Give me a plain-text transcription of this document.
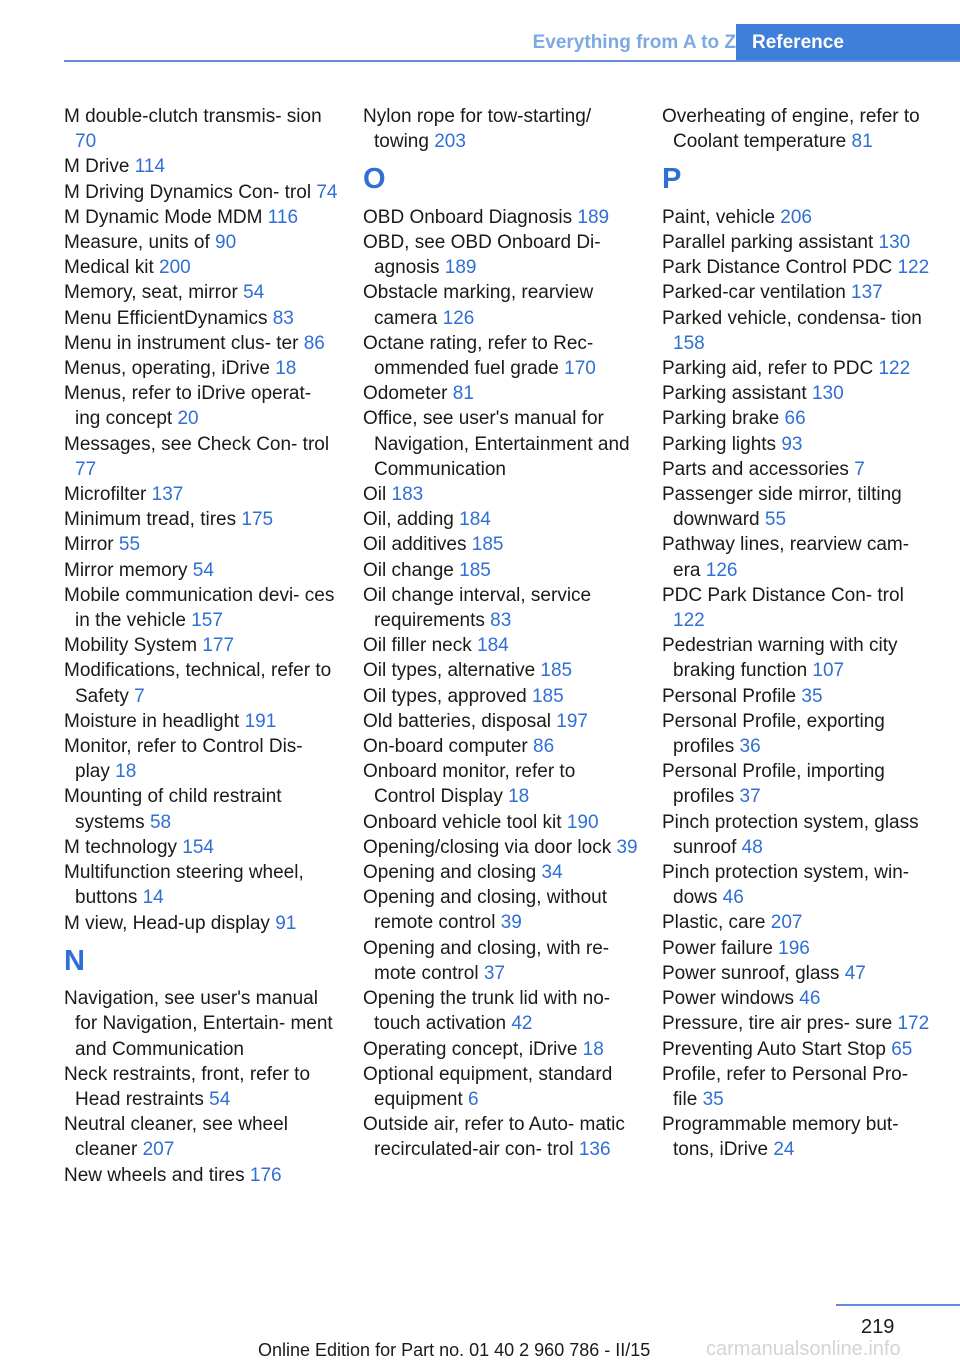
Everything from A to Z Reference

M double-clutch transmis‐ sion 70

M Drive 114

M Driving Dynamics Con‐ trol 74

M Dynamic Mode MDM 116

Measure, units of 90

Medical kit 200

Memory, seat, mirror 54

Menu EfficientDynamics 83

Menu in instrument clus‐ ter 86

Menus, operating, iDrive 18

Menus, refer to iDrive operat‐ ing concept 20

Messages, see Check Con‐ trol 77

Microfilter 137

Minimum tread, tires 175

Mirror 55

Mirror memory 54

Mobile communication devi‐ ces in the vehicle 157

Mobility System 177

Modifications, technical, refer to Safety 7

Moisture in headlight 191

Monitor, refer to Control Dis‐ play 18

Mounting of child restraint systems 58

M technology 154

Multifunction steering wheel, buttons 14

M view, Head-up display 91

N

Navigation, see user's manual for Navigation, Entertain‐ ment and Communication

Neck restraints, front, refer to Head restraints 54

Neutral cleaner, see wheel cleaner 207

New wheels and tires 176

Nylon rope for tow-starting/ towing 203

O

OBD Onboard Diagnosis 189

OBD, see OBD Onboard Di‐ agnosis 189

Obstacle marking, rearview camera 126

Octane rating, refer to Rec‐ ommended fuel grade 170

Odometer 81

Office, see user's manual for Navigation, Entertainment and Communication

Oil 183

Oil, adding 184

Oil additives 185

Oil change 185

Oil change interval, service requirements 83

Oil filler neck 184

Oil types, alternative 185

Oil types, approved 185

Old batteries, disposal 197

On-board computer 86

Onboard monitor, refer to Control Display 18

Onboard vehicle tool kit 190

Opening/closing via door lock 39

Opening and closing 34

Opening and closing, without remote control 39

Opening and closing, with re‐ mote control 37

Opening the trunk lid with no- touch activation 42

Operating concept, iDrive 18

Optional equipment, standard equipment 6

Outside air, refer to Auto‐ matic recirculated-air con‐ trol 136

Overheating of engine, refer to Coolant temperature 81

P

Paint, vehicle 206

Parallel parking assistant 130

Park Distance Control PDC 122

Parked-car ventilation 137

Parked vehicle, condensa‐ tion 158

Parking aid, refer to PDC 122

Parking assistant 130

Parking brake 66

Parking lights 93

Parts and accessories 7

Passenger side mirror, tilting downward 55

Pathway lines, rearview cam‐ era 126

PDC Park Distance Con‐ trol 122

Pedestrian warning with city braking function 107

Personal Profile 35

Personal Profile, exporting profiles 36

Personal Profile, importing profiles 37

Pinch protection system, glass sunroof 48

Pinch protection system, win‐ dows 46

Plastic, care 207

Power failure 196

Power sunroof, glass 47

Power windows 46

Pressure, tire air pres‐ sure 172

Preventing Auto Start Stop 65

Profile, refer to Personal Pro‐ file 35

Programmable memory but‐ tons, iDrive 24

219
carmanualsonline.info
Online Edition for Part no. 01 40 2 960 786 - II/15
